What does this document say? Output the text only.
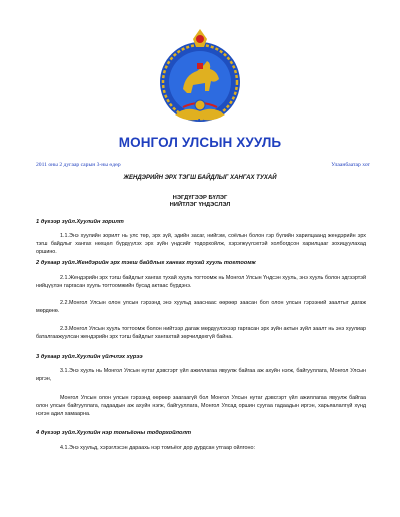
МОНГОЛ УЛСЫН ХУУЛЬ
2011 оны 2 дугаар сарын 3-ны өдөр	Улаанбаатар хот
ЖЕНДЭРИЙН ЭРХ ТЭГШ БАЙДЛЫГ ХАНГАХ ТУХАЙ
НЭГДҮГЭЭР БҮЛЭГ
НИЙТЛЭГ ҮНДЭСЛЭЛ
1 дүгээр зүйл.Хуулийн зорилт
1.1.Энэ хуулийн зорилт нь улс төр, эрх зүй, эдийн засаг, нийгэм, соёлын болон гэр бүлийн харилцаанд жендэрийн эрх тэгш байдлыг хангах нөхцөл бүрдүүлэх эрх зүйн үндсийг тодорхойлж, хэрэгжүүлэхтэй холбогдсон харилцааг зохицуулахад оршино.
2 дугаар зүйл.Жендэрийн эрх тэгш байдлыг хангах тухай хууль тогтоомж
2.1.Жендэрийн эрх тэгш байдлыг хангах тухай хууль тогтоомж нь Монгол Улсын Үндсэн хууль, энэ хууль болон эдгээртэй нийцүүлэн гаргасан хууль тогтоомжийн бусад актаас бүрдэнэ.
2.2.Монгол Улсын олон улсын гэрээнд энэ хуульд зааснаас өөрөөр заасан бол олон улсын гэрээний заалтыг дагаж мөрдөнө.
2.3.Монгол Улсын хууль тогтоомж болон нийтээр дагаж мөрдүүлэхээр гаргасан эрх зүйн актын зүйл заалт нь энэ хуулиар баталгаажуулсан жендэрийн эрх тэгш байдлыг хангахтай зөрчилдөхгүй байна.
3 дугаар зүйл.Хуулийн үйлчлэх хүрээ
3.1.Энэ хууль нь Монгол Улсын нутаг дэвсгэрт үйл ажиллагаа явуулж байгаа аж ахуйн нэгж, байгууллага, Монгол Улсын иргэн,
Монгол Улсын олон улсын гэрээнд өөрөөр заагаагүй бол Монгол Улсын нутаг дэвсгэрт үйл ажиллагаа явуулж байгаа олон улсын байгууллага, гадаадын аж ахуйн нэгж, байгууллага, Монгол Улсад оршин суугаа гадаадын иргэн, харьяалалгүй хүнд нэгэн адил хамаарна.
4 дүгээр зүйл.Хуулийн нэр томъёоны тодорхойлолт
4.1.Энэ хуульд, хэрэглэсэн дараахь нэр томъёог дор дурдсан утгаар ойлгоно:
